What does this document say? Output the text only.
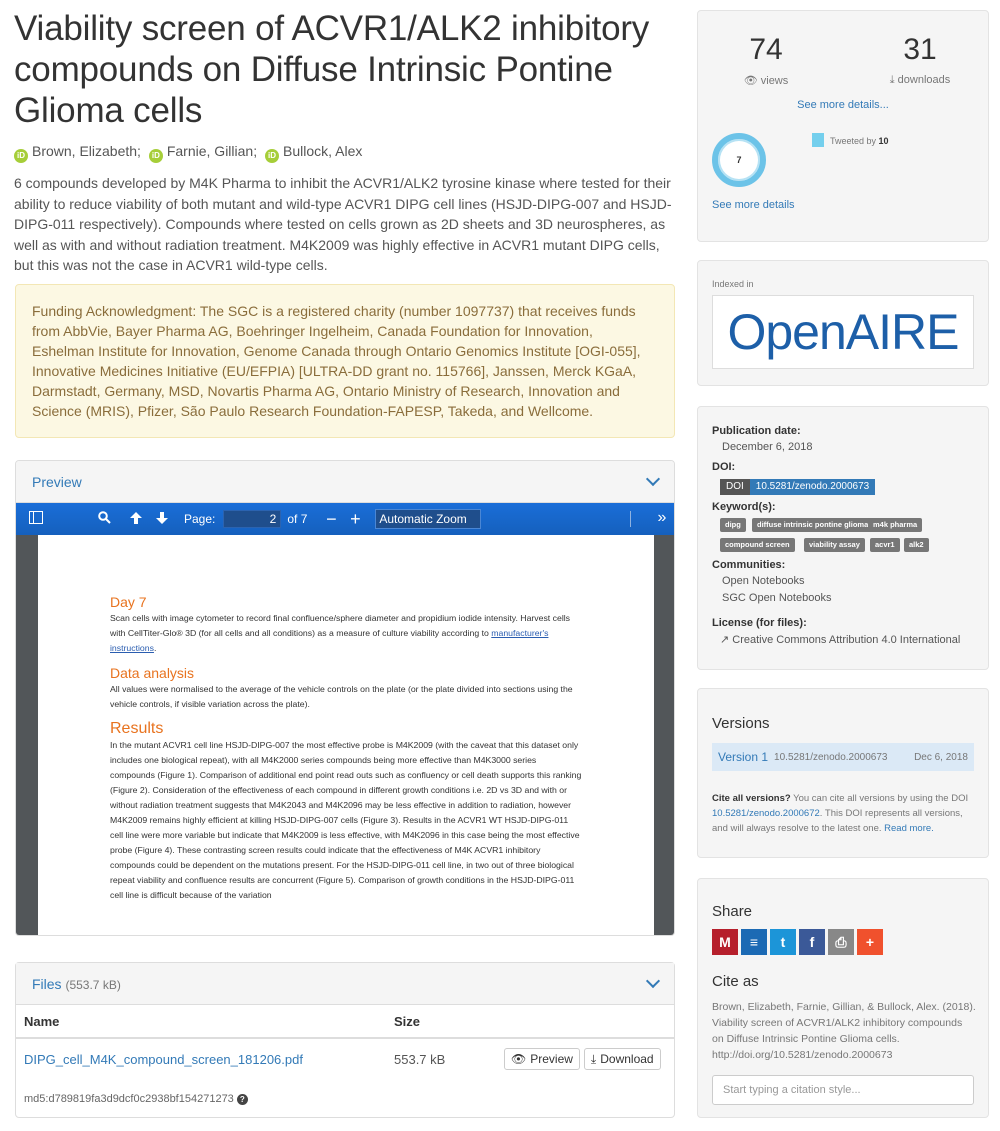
Viability screen of ACVR1/ALK2 inhibitory compounds on Diffuse Intrinsic Pontine Glioma cells
iD Brown, Elizabeth; iD Farnie, Gillian; iD Bullock, Alex

6 compounds developed by M4K Pharma to inhibit the ACVR1/ALK2 tyrosine kinase where tested for their ability to reduce viability of both mutant and wild-type ACVR1 DIPG cell lines (HSJD-DIPG-007 and HSJD-DIPG-011 respectively). Compounds where tested on cells grown as 2D sheets and 3D neurospheres, as well as with and without radiation treatment. M4K2009 was highly effective in ACVR1 mutant DIPG cells, but this was not the case in ACVR1 wild-type cells.

Funding Acknowledgment: The SGC is a registered charity (number 1097737) that receives funds from AbbVie, Bayer Pharma AG, Boehringer Ingelheim, Canada Foundation for Innovation, Eshelman Institute for Innovation, Genome Canada through Ontario Genomics Institute [OGI-055], Innovative Medicines Initiative (EU/EFPIA) [ULTRA-DD grant no. 115766], Janssen, Merck KGaA, Darmstadt, Germany, MSD, Novartis Pharma AG, Ontario Ministry of Research, Innovation and Science (MRIS), Pfizer, São Paulo Research Foundation-FAPESP, Takeda, and Wellcome.
Preview
Page:	2 of 7 − +	Automatic Zoom	»
Day 7

Scan cells with image cytometer to record final confluence/sphere diameter and propidium iodide intensity. Harvest cells with CellTiter-Glo® 3D (for all cells and all conditions) as a measure of culture viability according to manufacturer's instructions.

Data analysis

All values were normalised to the average of the vehicle controls on the plate (or the plate divided into sections using the vehicle controls, if visible variation across the plate).

Results

In the mutant ACVR1 cell line HSJD-DIPG-007 the most effective probe is M4K2009 (with the caveat that this dataset only includes one biological repeat), with all M4K2000 series compounds being more effective than M4K3000 series compounds (Figure 1). Comparison of additional end point read outs such as confluency or cell death supports this ranking (Figure 2). Consideration of the effectiveness of each compound in different growth conditions i.e. 2D vs 3D and with or without radiation treatment suggests that M4K2043 and M4K2096 may be less effective in addition to radiation, however M4K2009 remains highly efficient at killing HSJD-DIPG-007 cells (Figure 3). Results in the ACVR1 WT HSJD-DIPG-011 cell line were more variable but indicate that M4K2009 is less effective, with M4K2096 in this case being the most effective probe (Figure 4). These contrasting screen results could indicate that the effectiveness of M4K ACVR1 inhibitory compounds could be dependent on the mutations present. For the HSJD-DIPG-011 cell line, in two out of three biological repeat viability and confluence results are concurrent (Figure 5). Comparison of growth conditions in the HSJD-DIPG-011 cell line is difficult because of the variation

Files (553.7 kB)
Name	Size
DIPG_cell_M4K_compound_screen_181206.pdf	553.7 kB	👁 Preview ⤓ Download
md5:d789819fa3d9dcf0c2938bf154271273 ?
74
👁 views
31
⤓ downloads
See more details...
7
Tweeted by 10
See more details
Indexed in
OpenAIRE
Publication date:
December 6, 2018
DOI:
DOI	10.5281/zenodo.2000673
Keyword(s):
dipg	diffuse intrinsic pontine glioma m4k pharma
compound screen	viability assay	acvr1	alk2
Communities:
Open Notebooks
SGC Open Notebooks
License (for files):
↗ Creative Commons Attribution 4.0 International
Versions
Version 1 10.5281/zenodo.2000673	Dec 6, 2018
Cite all versions? You can cite all versions by using the DOI 10.5281/zenodo.2000672. This DOI represents all versions, and will always resolve to the latest one. Read more.
Share
M	≡	t	f	⎙	+
Cite as
Brown, Elizabeth, Farnie, Gillian, & Bullock, Alex. (2018). Viability screen of ACVR1/ALK2 inhibitory compounds on Diffuse Intrinsic Pontine Glioma cells. http://doi.org/10.5281/zenodo.2000673
Start typing a citation style...
